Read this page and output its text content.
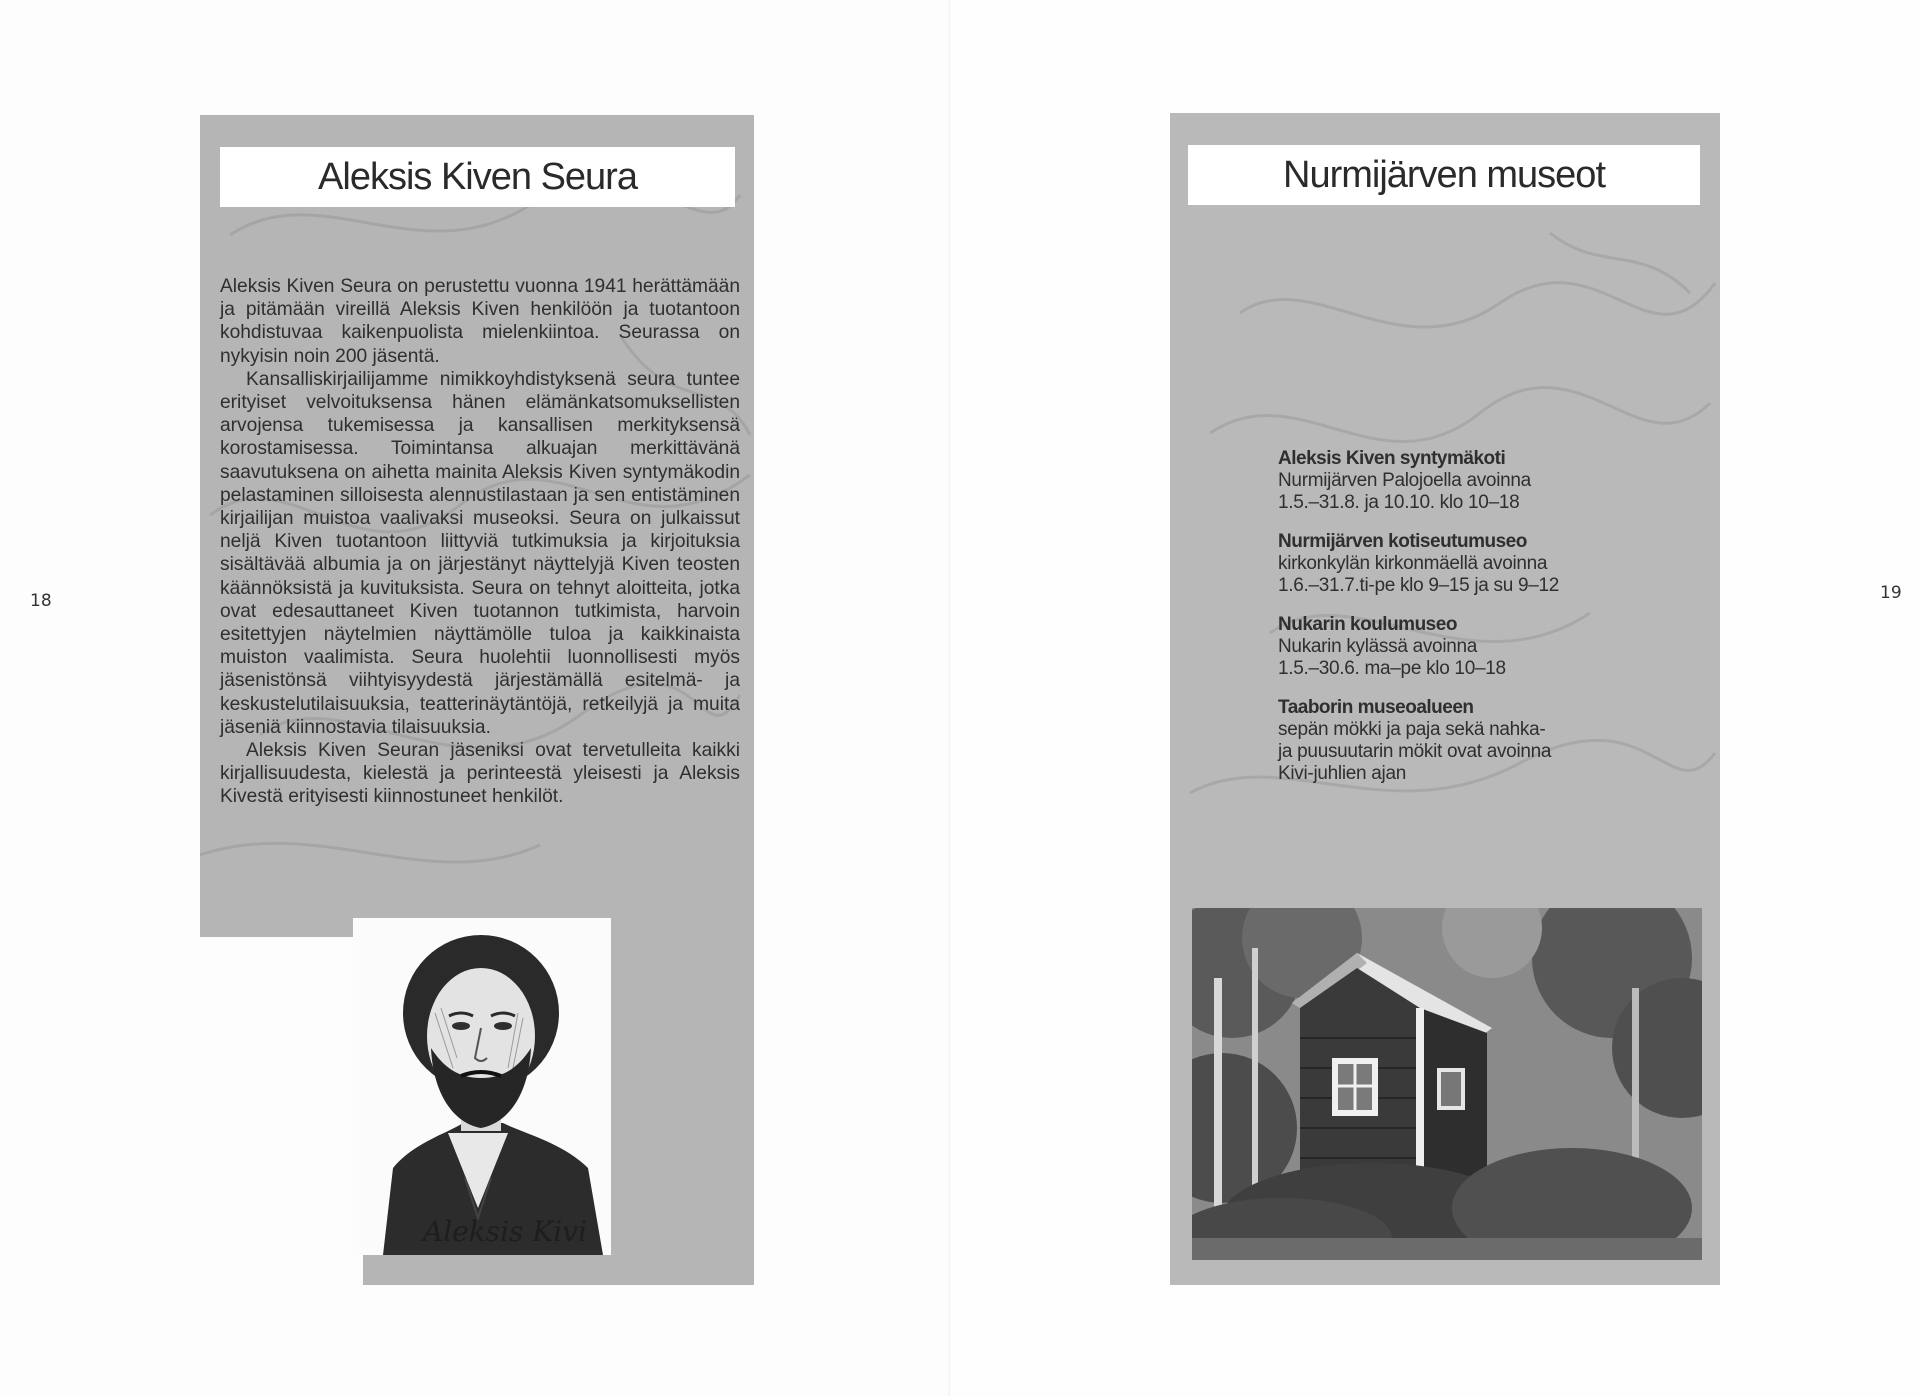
18
Aleksis Kiven Seura

Aleksis Kiven Seura on perustettu vuonna 1941 herättämään ja pitämään vireillä Aleksis Kiven henkilöön ja tuotantoon kohdistuvaa kaikenpuolista mielenkiintoa. Seurassa on nykyisin noin 200 jäsentä.

Kansalliskirjailijamme nimikkoyhdistyksenä seura tuntee erityiset velvoituksensa hänen elämänkatsomuksellisten arvojensa tukemisessa ja kansallisen merkityksensä korostamisessa. Toimintansa alkuajan merkittävänä saavutuksena on aihetta mainita Aleksis Kiven syntymäkodin pelastaminen silloisesta alennustilastaan ja sen entistäminen kirjailijan muistoa vaalivaksi museoksi. Seura on julkaissut neljä Kiven tuotantoon liittyviä tutkimuksia ja kirjoituksia sisältävää albumia ja on järjestänyt näyttelyjä Kiven teosten käännöksistä ja kuvituksista. Seura on tehnyt aloitteita, jotka ovat edesauttaneet Kiven tuotannon tutkimista, harvoin esitettyjen näytelmien näyttämölle tuloa ja kaikkinaista muiston vaalimista. Seura huolehtii luonnollisesti myös jäsenistönsä viihtyisyydestä järjestämällä esitelmä- ja keskustelutilaisuuksia, teatterinäytäntöjä, retkeilyjä ja muita jäseniä kiinnostavia tilaisuuksia.

Aleksis Kiven Seuran jäseniksi ovat tervetulleita kaikki kirjallisuudesta, kielestä ja perinteestä yleisesti ja Aleksis Kivestä erityisesti kiinnostuneet henkilöt.

Aleksis Kivi
19
Nurmijärven museot
Aleksis Kiven syntymäkoti
Nurmijärven Palojoella avoinna
1.5.–31.8. ja 10.10. klo 10–18
Nurmijärven kotiseutumuseo
kirkonkylän kirkonmäellä avoinna
1.6.–31.7.ti-pe klo 9–15 ja su 9–12
Nukarin koulumuseo
Nukarin kylässä avoinna
1.5.–30.6. ma–pe klo 10–18
Taaborin museoalueen
sepän mökki ja paja sekä nahka-
ja puusuutarin mökit ovat avoinna
Kivi-juhlien ajan
